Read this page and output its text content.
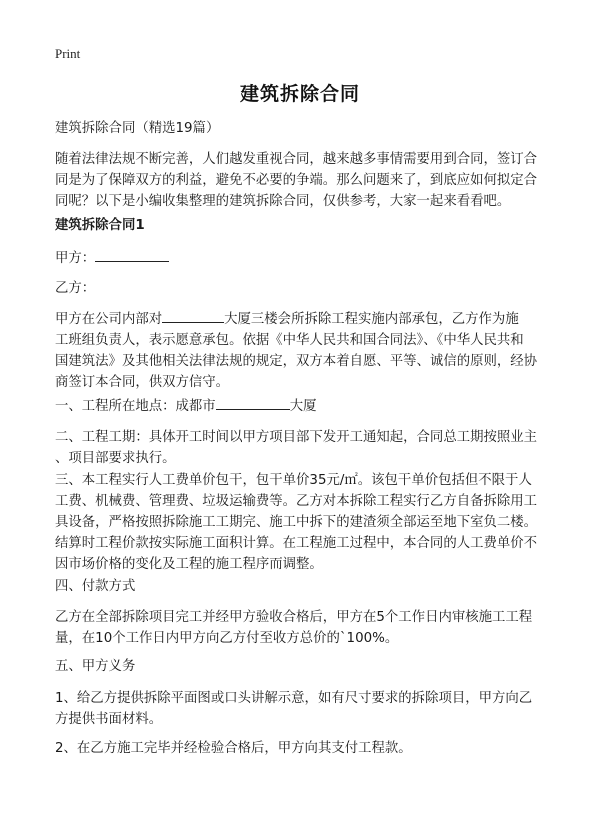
Print
建筑拆除合同
建筑拆除合同（精选19篇）
随着法律法规不断完善，人们越发重视合同，越来越多事情需要用到合同，签订合
同是为了保障双方的利益，避免不必要的争端。那么问题来了，到底应如何拟定合
同呢？以下是小编收集整理的建筑拆除合同，仅供参考，大家一起来看看吧。
建筑拆除合同1
甲方：
乙方：
甲方在公司内部对	大厦三楼会所拆除工程实施内部承包，乙方作为施
工班组负责人，表示愿意承包。依据《中华人民共和国合同法》、《中华人民共和
国建筑法》及其他相关法律法规的规定，双方本着自愿、平等、诚信的原则，经协
商签订本合同，供双方信守。
一、工程所在地点：成都市	大厦
二、工程工期：具体开工时间以甲方项目部下发开工通知起，合同总工期按照业主
、项目部要求执行。
三、本工程实行人工费单价包干，包干单价35元/㎡。该包干单价包括但不限于人
工费、机械费、管理费、垃圾运输费等。乙方对本拆除工程实行乙方自备拆除用工
具设备，严格按照拆除施工工期完、施工中拆下的建渣须全部运至地下室负二楼。
结算时工程价款按实际施工面积计算。在工程施工过程中，本合同的人工费单价不
因市场价格的变化及工程的施工程序而调整。
四、付款方式
乙方在全部拆除项目完工并经甲方验收合格后，甲方在5个工作日内审核施工工程
量，在10个工作日内甲方向乙方付至收方总价的`100%。
五、甲方义务
1、给乙方提供拆除平面图或口头讲解示意，如有尺寸要求的拆除项目，甲方向乙
方提供书面材料。
2、在乙方施工完毕并经检验合格后，甲方向其支付工程款。
